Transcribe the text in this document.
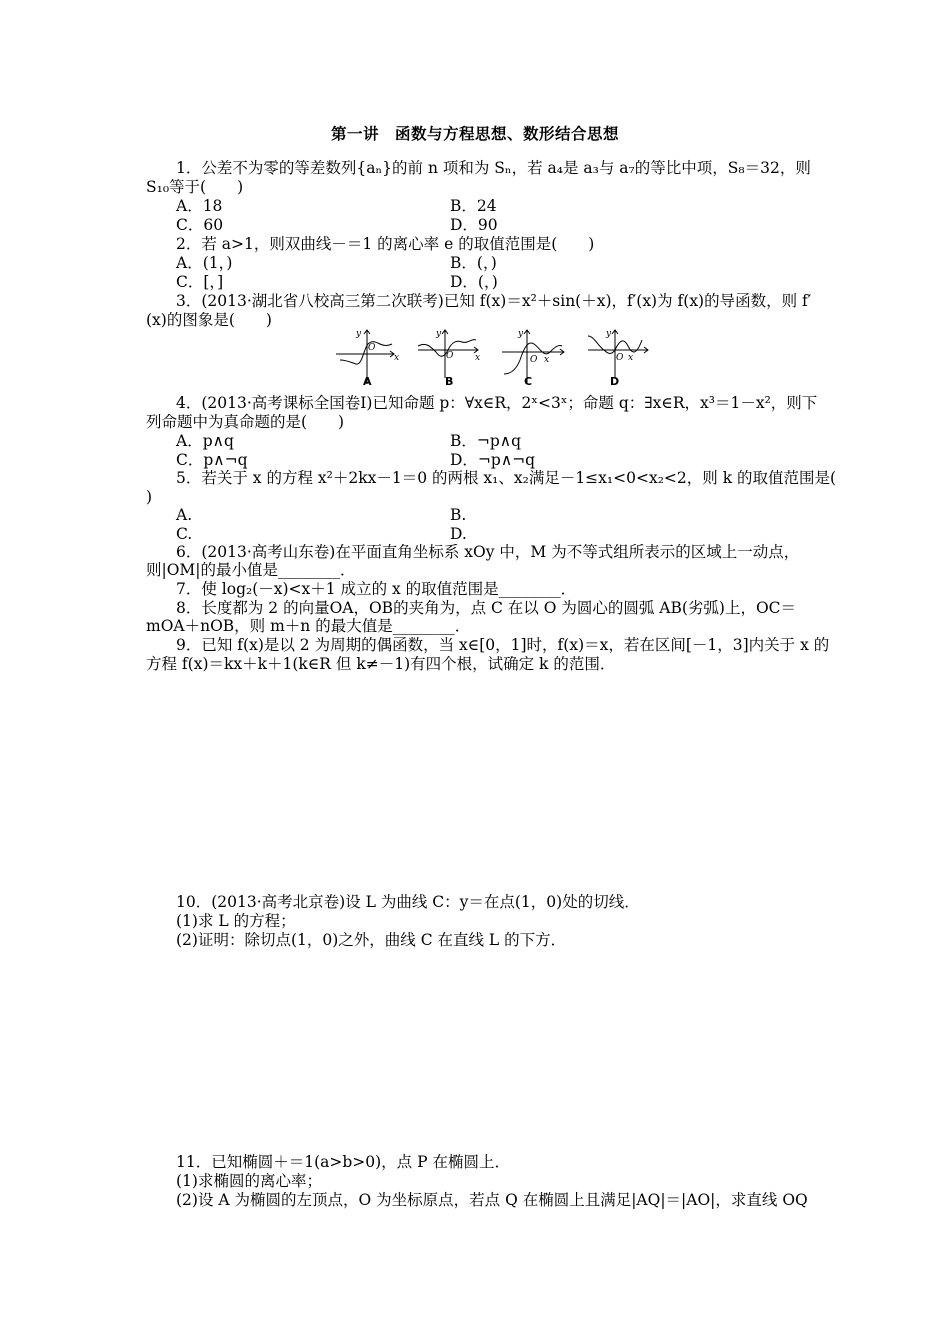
第一讲　函数与方程思想、数形结合思想
1．公差不为零的等差数列{aₙ}的前 n 项和为 Sₙ，若 a₄是 a₃与 a₇的等比中项，S₈＝32，则
S₁₀等于(　　)
A．18	B．24
C．60	D．90
2．若 a>1，则双曲线－＝1 的离心率 e 的取值范围是(　　)
A．(1，)	B．(，)
C．[，]	D．(，)
3．(2013·湖北省八校高三第二次联考)已知 f(x)＝x²＋sin(＋x)，f′(x)为 f(x)的导函数，则 f′
(x)的图象是(　　)
y
O
x
y
O x
y
O x
y
O x
A	B	C	D
4．(2013·高考课标全国卷Ⅰ)已知命题 p：∀x∈R，2ˣ<3ˣ；命题 q：∃x∈R，x³＝1－x²，则下
列命题中为真命题的是(　　)
A．p∧q	B．¬p∧q
C．p∧¬q	D．¬p∧¬q
5．若关于 x 的方程 x²＋2kx－1＝0 的两根 x₁、x₂满足－1≤x₁<0<x₂<2，则 k 的取值范围是(
)
A.	B.
C.	D.
6．(2013·高考山东卷)在平面直角坐标系 xOy 中，M 为不等式组所表示的区域上一动点，
则|OM|的最小值是________．
7．使 log₂(－x)<x＋1 成立的 x 的取值范围是________．
8．长度都为 2 的向量OA，OB的夹角为，点 C 在以 O 为圆心的圆弧 AB(劣弧)上，OC＝
mOA＋nOB，则 m＋n 的最大值是________．
9．已知 f(x)是以 2 为周期的偶函数，当 x∈[0，1]时，f(x)＝x，若在区间[－1，3]内关于 x 的
方程 f(x)＝kx＋k＋1(k∈R 但 k≠－1)有四个根，试确定 k 的范围．
10．(2013·高考北京卷)设 L 为曲线 C：y＝在点(1，0)处的切线．
(1)求 L 的方程；
(2)证明：除切点(1，0)之外，曲线 C 在直线 L 的下方．
11．已知椭圆＋＝1(a>b>0)，点 P 在椭圆上．
(1)求椭圆的离心率；
(2)设 A 为椭圆的左顶点，O 为坐标原点，若点 Q 在椭圆上且满足|AQ|＝|AO|，求直线 OQ
